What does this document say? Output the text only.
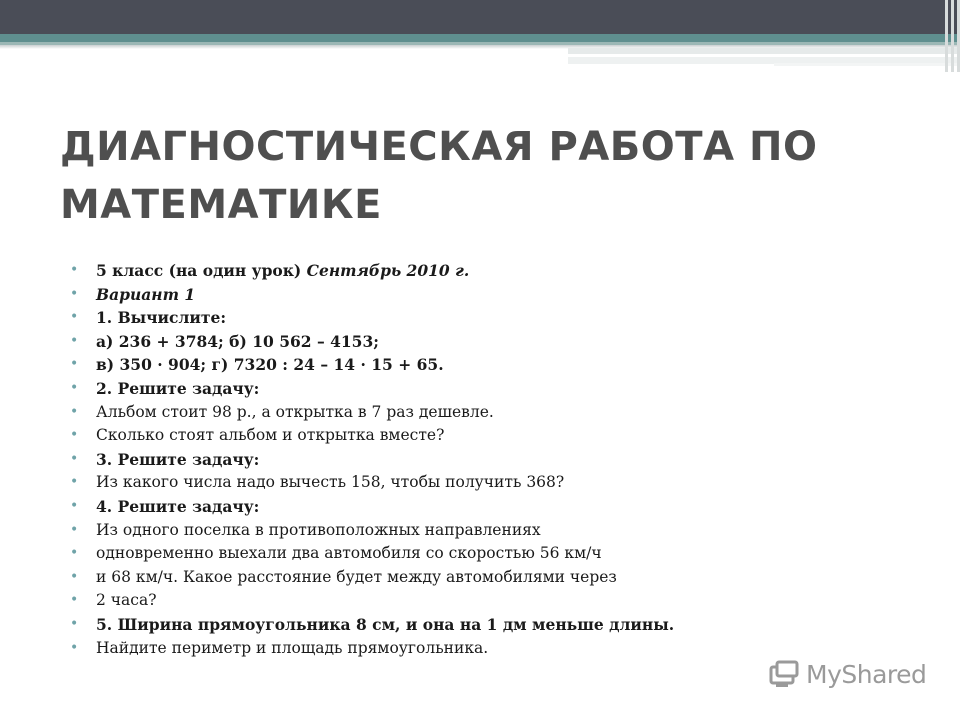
ДИАГНОСТИЧЕСКАЯ РАБОТА ПО
МАТЕМАТИКЕ
• 5 класс (на один урок) Сентябрь 2010 г.
• Вариант 1
• 1. Вычислите:
• а) 236 + 3784; б) 10 562 – 4153;
• в) 350 · 904; г) 7320 : 24 – 14 · 15 + 65.
• 2. Решите задачу:
• Альбом стоит 98 р., а открытка в 7 раз дешевле.
• Сколько стоят альбом и открытка вместе?
• 3. Решите задачу:
• Из какого числа надо вычесть 158, чтобы получить 368?
• 4. Решите задачу:
• Из одного поселка в противоположных направлениях
• одновременно выехали два автомобиля со скоростью 56 км/ч
• и 68 км/ч. Какое расстояние будет между автомобилями через
• 2 часа?
• 5. Ширина прямоугольника 8 см, и она на 1 дм меньше длины.
• Найдите периметр и площадь прямоугольника.
MyShared
